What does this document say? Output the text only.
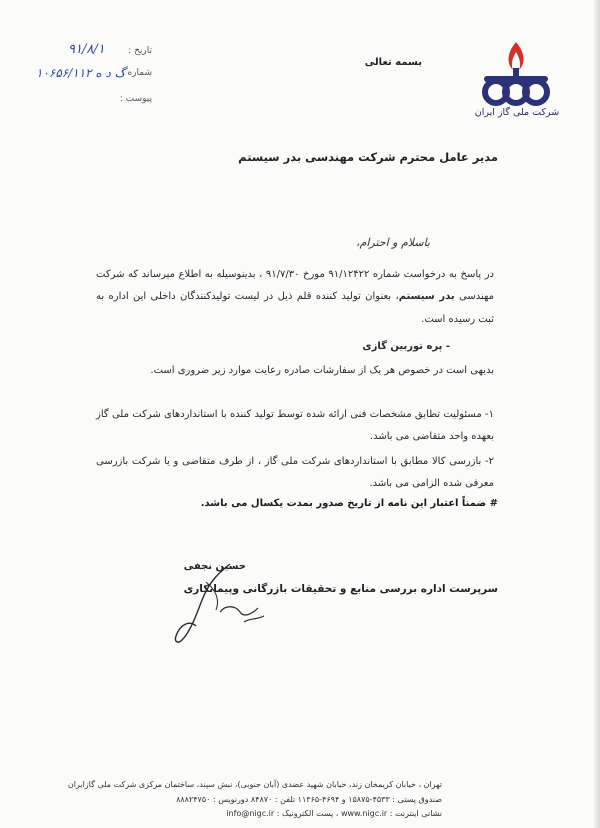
شرکت ملی گاز ایران
بسمه تعالی
تاریخ :
۹۱/۸/۱
شماره :
۱۰۶۵۶/۱۱۲ گ د ه
پیوست :
مدیر عامل محترم شرکت مهندسی بدر سیستم
باسلام و احترام،
در پاسخ به درخواست شماره ۹۱/۱۲۴۲۲ مورخ ۹۱/۷/۳۰ ، بدینوسیله به اطلاع میرساند که شرکت مهندسی بدر سیستم، بعنوان تولید کننده قلم ذیل در لیست تولیدکنندگان داخلی این اداره به ثبت رسیده است.
- پره توربین گازی
بدیهی است در خصوص هر یک از سفارشات صادره رعایت موارد زیر ضروری است.
۱- مسئولیت تطابق مشخصات فنی ارائه شده توسط تولید کننده با استانداردهای شرکت ملی گاز بعهده واحد متقاضی می باشد.
۲- بازرسی کالا مطابق با استانداردهای شرکت ملی گاز ، از طرف متقاضی و یا شرکت بازرسی معرفی شده الزامی می باشد.
# ضمناً اعتبار این نامه از تاریخ صدور بمدت یکسال می باشد.
حسین نجفی
سرپرست اداره بررسی منابع و تحقیقات بازرگانی وپیمانکاری
تهران ، خیابان کریمخان زند، خیابان شهید عضدی (آبان جنوبی)، نبش سپند، ساختمان مرکزی شرکت ملی گازایران
صندوق پستی : ۴۵۳۳-۱۵۸۷۵ و ۴۶۹۴-۱۱۳۶۵ تلفن : ۸۴۸۷۰ دورنویس : ۸۸۸۲۴۷۵۰
نشانی اینترنت : www.nigc.ir ، پست الکترونیک : info@nigc.ir
